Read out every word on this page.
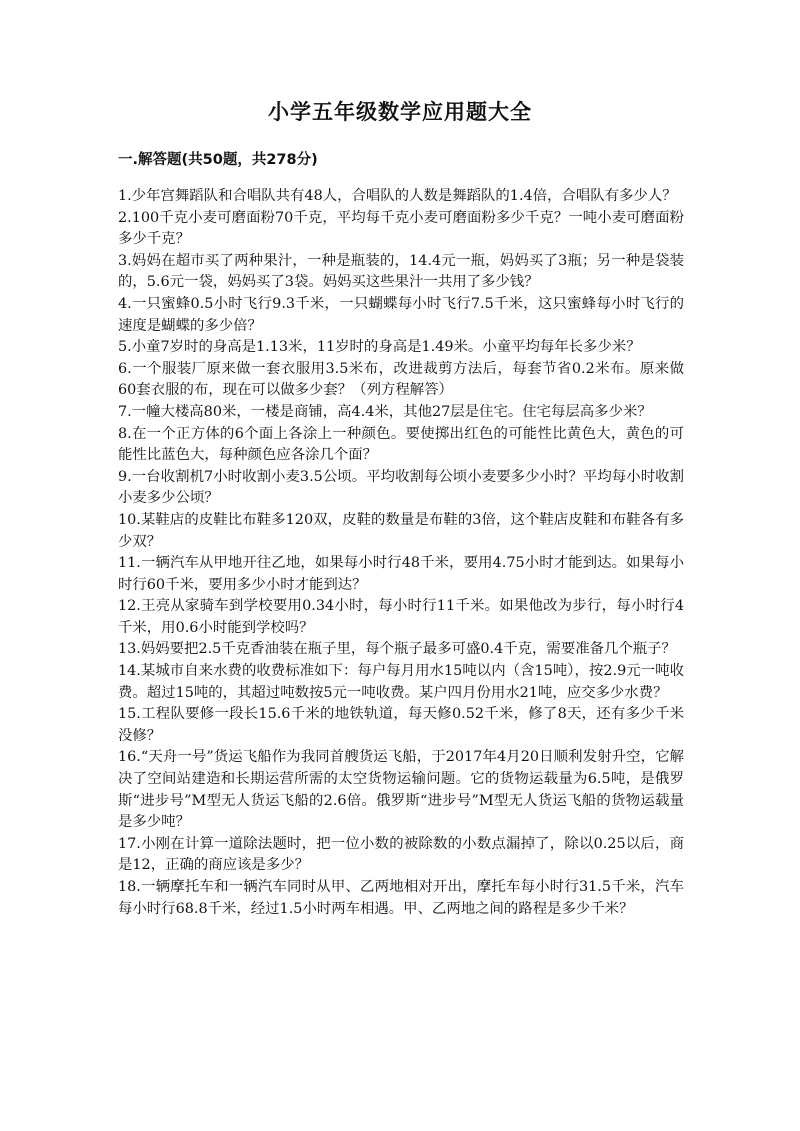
小学五年级数学应用题大全
一.解答题(共50题，共278分)

1.少年宫舞蹈队和合唱队共有48人，合唱队的人数是舞蹈队的1.4倍，合唱队有多少人？

2.100千克小麦可磨面粉70千克，平均每千克小麦可磨面粉多少千克？一吨小麦可磨面粉多少千克？

3.妈妈在超市买了两种果汁，一种是瓶装的，14.4元一瓶，妈妈买了3瓶；另一种是袋装的，5.6元一袋，妈妈买了3袋。妈妈买这些果汁一共用了多少钱？

4.一只蜜蜂0.5小时飞行9.3千米，一只蝴蝶每小时飞行7.5千米，这只蜜蜂每小时飞行的速度是蝴蝶的多少倍？

5.小童7岁时的身高是1.13米，11岁时的身高是1.49米。小童平均每年长多少米？

6.一个服装厂原来做一套衣服用3.5米布，改进裁剪方法后，每套节省0.2米布。原来做60套衣服的布，现在可以做多少套？（列方程解答）

7.一幢大楼高80米，一楼是商铺，高4.4米，其他27层是住宅。住宅每层高多少米？

8.在一个正方体的6个面上各涂上一种颜色。要使掷出红色的可能性比黄色大，黄色的可能性比蓝色大，每种颜色应各涂几个面？

9.一台收割机7小时收割小麦3.5公顷。平均收割每公顷小麦要多少小时？平均每小时收割小麦多少公顷？

10.某鞋店的皮鞋比布鞋多120双，皮鞋的数量是布鞋的3倍，这个鞋店皮鞋和布鞋各有多少双？

11.一辆汽车从甲地开往乙地，如果每小时行48千米，要用4.75小时才能到达。如果每小时行60千米，要用多少小时才能到达？

12.王亮从家骑车到学校要用0.34小时，每小时行11千米。如果他改为步行，每小时行4千米，用0.6小时能到学校吗？

13.妈妈要把2.5千克香油装在瓶子里，每个瓶子最多可盛0.4千克，需要准备几个瓶子？

14.某城市自来水费的收费标准如下：每户每月用水15吨以内（含15吨），按2.9元一吨收费。超过15吨的，其超过吨数按5元一吨收费。某户四月份用水21吨，应交多少水费？

15.工程队要修一段长15.6千米的地铁轨道，每天修0.52千米，修了8天，还有多少千米没修？

16.“天舟一号”货运飞船作为我同首艘货运飞船，于2017年4月20日顺利发射升空，它解决了空间站建造和长期运营所需的太空货物运输问题。它的货物运载量为6.5吨，是俄罗斯“进步号”M型无人货运飞船的2.6倍。俄罗斯“进步号”M型无人货运飞船的货物运载量是多少吨？

17.小刚在计算一道除法题时，把一位小数的被除数的小数点漏掉了，除以0.25以后，商是12，正确的商应该是多少？

18.一辆摩托车和一辆汽车同时从甲、乙两地相对开出，摩托车每小时行31.5千米，汽车每小时行68.8千米，经过1.5小时两车相遇。甲、乙两地之间的路程是多少千米？
